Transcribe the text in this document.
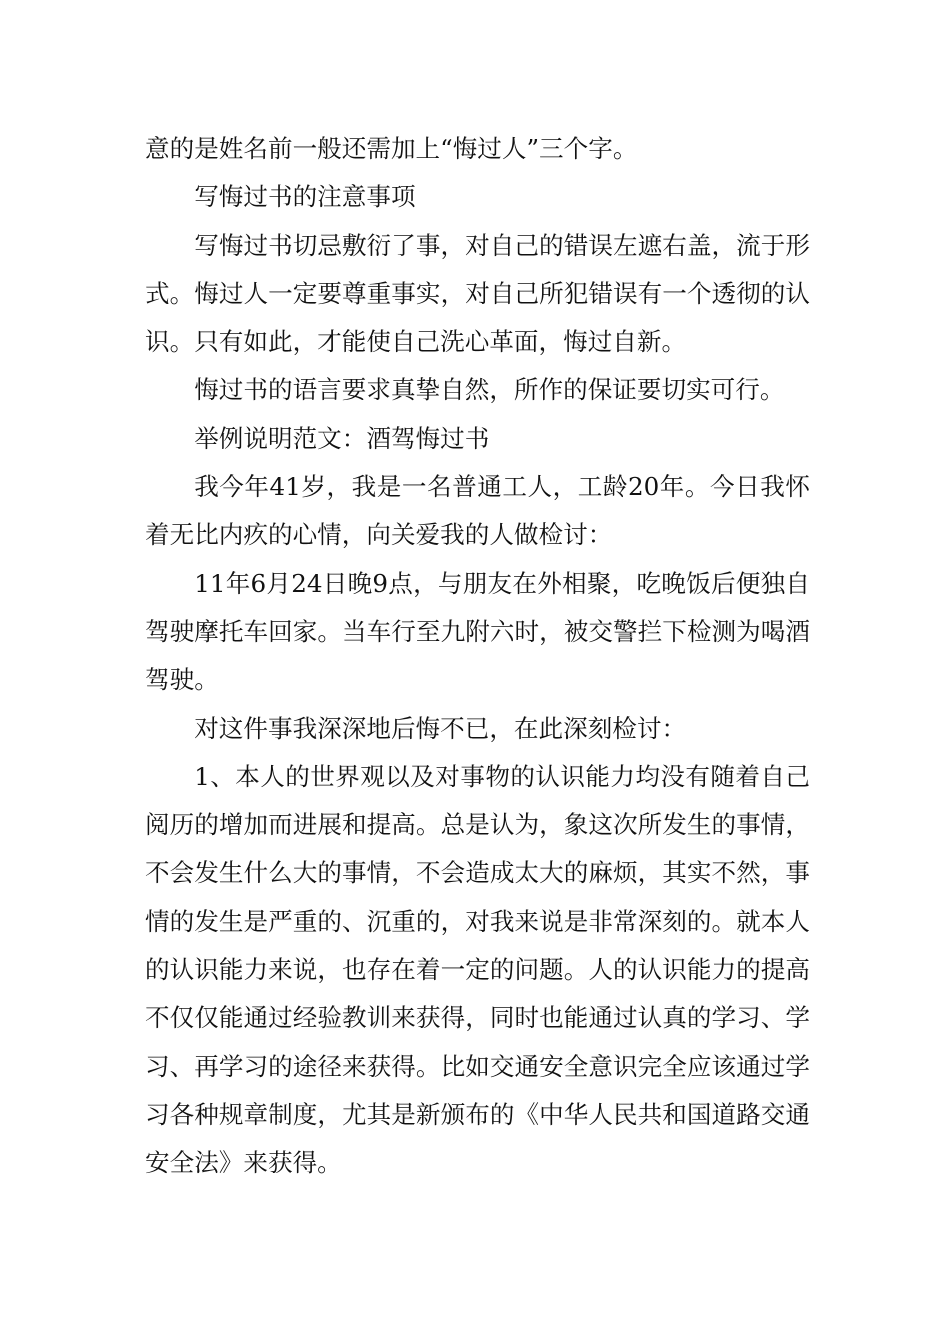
意的是姓名前一般还需加上“悔过人”三个字。

写悔过书的注意事项

写悔过书切忌敷衍了事，对自己的错误左遮右盖，流于形式。悔过人一定要尊重事实，对自己所犯错误有一个透彻的认识。只有如此，才能使自己洗心革面，悔过自新。

悔过书的语言要求真挚自然，所作的保证要切实可行。

举例说明范文：酒驾悔过书

我今年41岁，我是一名普通工人，工龄20年。今日我怀着无比内疚的心情，向关爱我的人做检讨：

11年6月24日晚9点，与朋友在外相聚，吃晚饭后便独自驾驶摩托车回家。当车行至九附六时，被交警拦下检测为喝酒驾驶。

对这件事我深深地后悔不已，在此深刻检讨：

1、本人的世界观以及对事物的认识能力均没有随着自己阅历的增加而进展和提高。总是认为，象这次所发生的事情，不会发生什么大的事情，不会造成太大的麻烦，其实不然，事情的发生是严重的、沉重的，对我来说是非常深刻的。就本人的认识能力来说，也存在着一定的问题。人的认识能力的提高不仅仅能通过经验教训来获得，同时也能通过认真的学习、学习、再学习的途径来获得。比如交通安全意识完全应该通过学习各种规章制度，尤其是新颁布的《中华人民共和国道路交通安全法》来获得。
